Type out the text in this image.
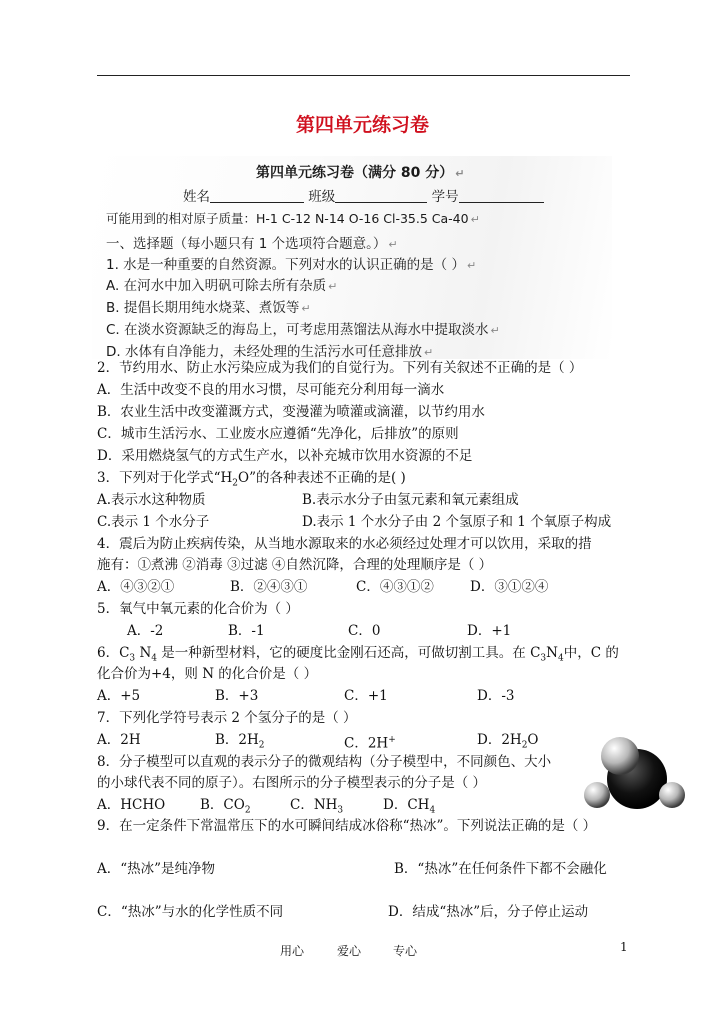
第四单元练习卷
第四单元练习卷（满分 80 分） ↵
姓名	班级	学号
可能用到的相对原子质量：H-1 C-12 N-14 O-16 Cl-35.5 Ca-40 ↵
一、选择题（每小题只有 1 个选项符合题意。） ↵
1. 水是一种重要的自然资源。下列对水的认识正确的是（ ） ↵
A. 在河水中加入明矾可除去所有杂质 ↵
B. 提倡长期用纯水烧菜、煮饭等 ↵
C. 在淡水资源缺乏的海岛上，可考虑用蒸馏法从海水中提取淡水 ↵
D. 水体有自净能力，未经处理的生活污水可任意排放 ↵
2．节约用水、防止水污染应成为我们的自觉行为。下列有关叙述不正确的是（ ）
A．生活中改变不良的用水习惯，尽可能充分利用每一滴水
B．农业生活中改变灌溉方式，变漫灌为喷灌或滴灌，以节约用水
C．城市生活污水、工业废水应遵循“先净化，后排放”的原则
D．采用燃烧氢气的方式生产水，以补充城市饮用水资源的不足
3．下列对于化学式“$H_2O$”的各种表述不正确的是( )
A.表示水这种物质	B.表示水分子由氢元素和氧元素组成
C.表示 1 个水分子	D.表示 1 个水分子由 2 个氢原子和 1 个氧原子构成
4．震后为防止疾病传染，从当地水源取来的水必须经过处理才可以饮用，采取的措
施有：①煮沸 ②消毒 ③过滤 ④自然沉降，合理的处理顺序是（ ）
A．④③②①	B．②④③①	C．④③①②	D．③①②④
5．氧气中氧元素的化合价为（ ）
A．-2	B．-1	C．0	D．+1
6．$C_3$ $N_4$ 是一种新型材料，它的硬度比金刚石还高，可做切割工具。在 $C_3N_4$中，C 的
化合价为+4，则 N 的化合价是（ ）
A．+5	B．+3	C．+1	D．-3
7．下列化学符号表示 2 个氢分子的是（ ）
A．2H	B．$2H_2$	C．2H+	D．$2H_2O$
8．分子模型可以直观的表示分子的微观结构（分子模型中，不同颜色、大小
的小球代表不同的原子）。右图所示的分子模型表示的分子是（ ）
A．HCHO	B．$CO_2$	C．$NH_3$	D．$CH_4$
9．在一定条件下常温常压下的水可瞬间结成冰俗称“热冰”。下列说法正确的是（ ）
A．“热冰”是纯净物	B．“热冰”在任何条件下都不会融化
C．“热冰”与水的化学性质不同	D．结成“热冰”后，分子停止运动
用心	爱心	专心	1
